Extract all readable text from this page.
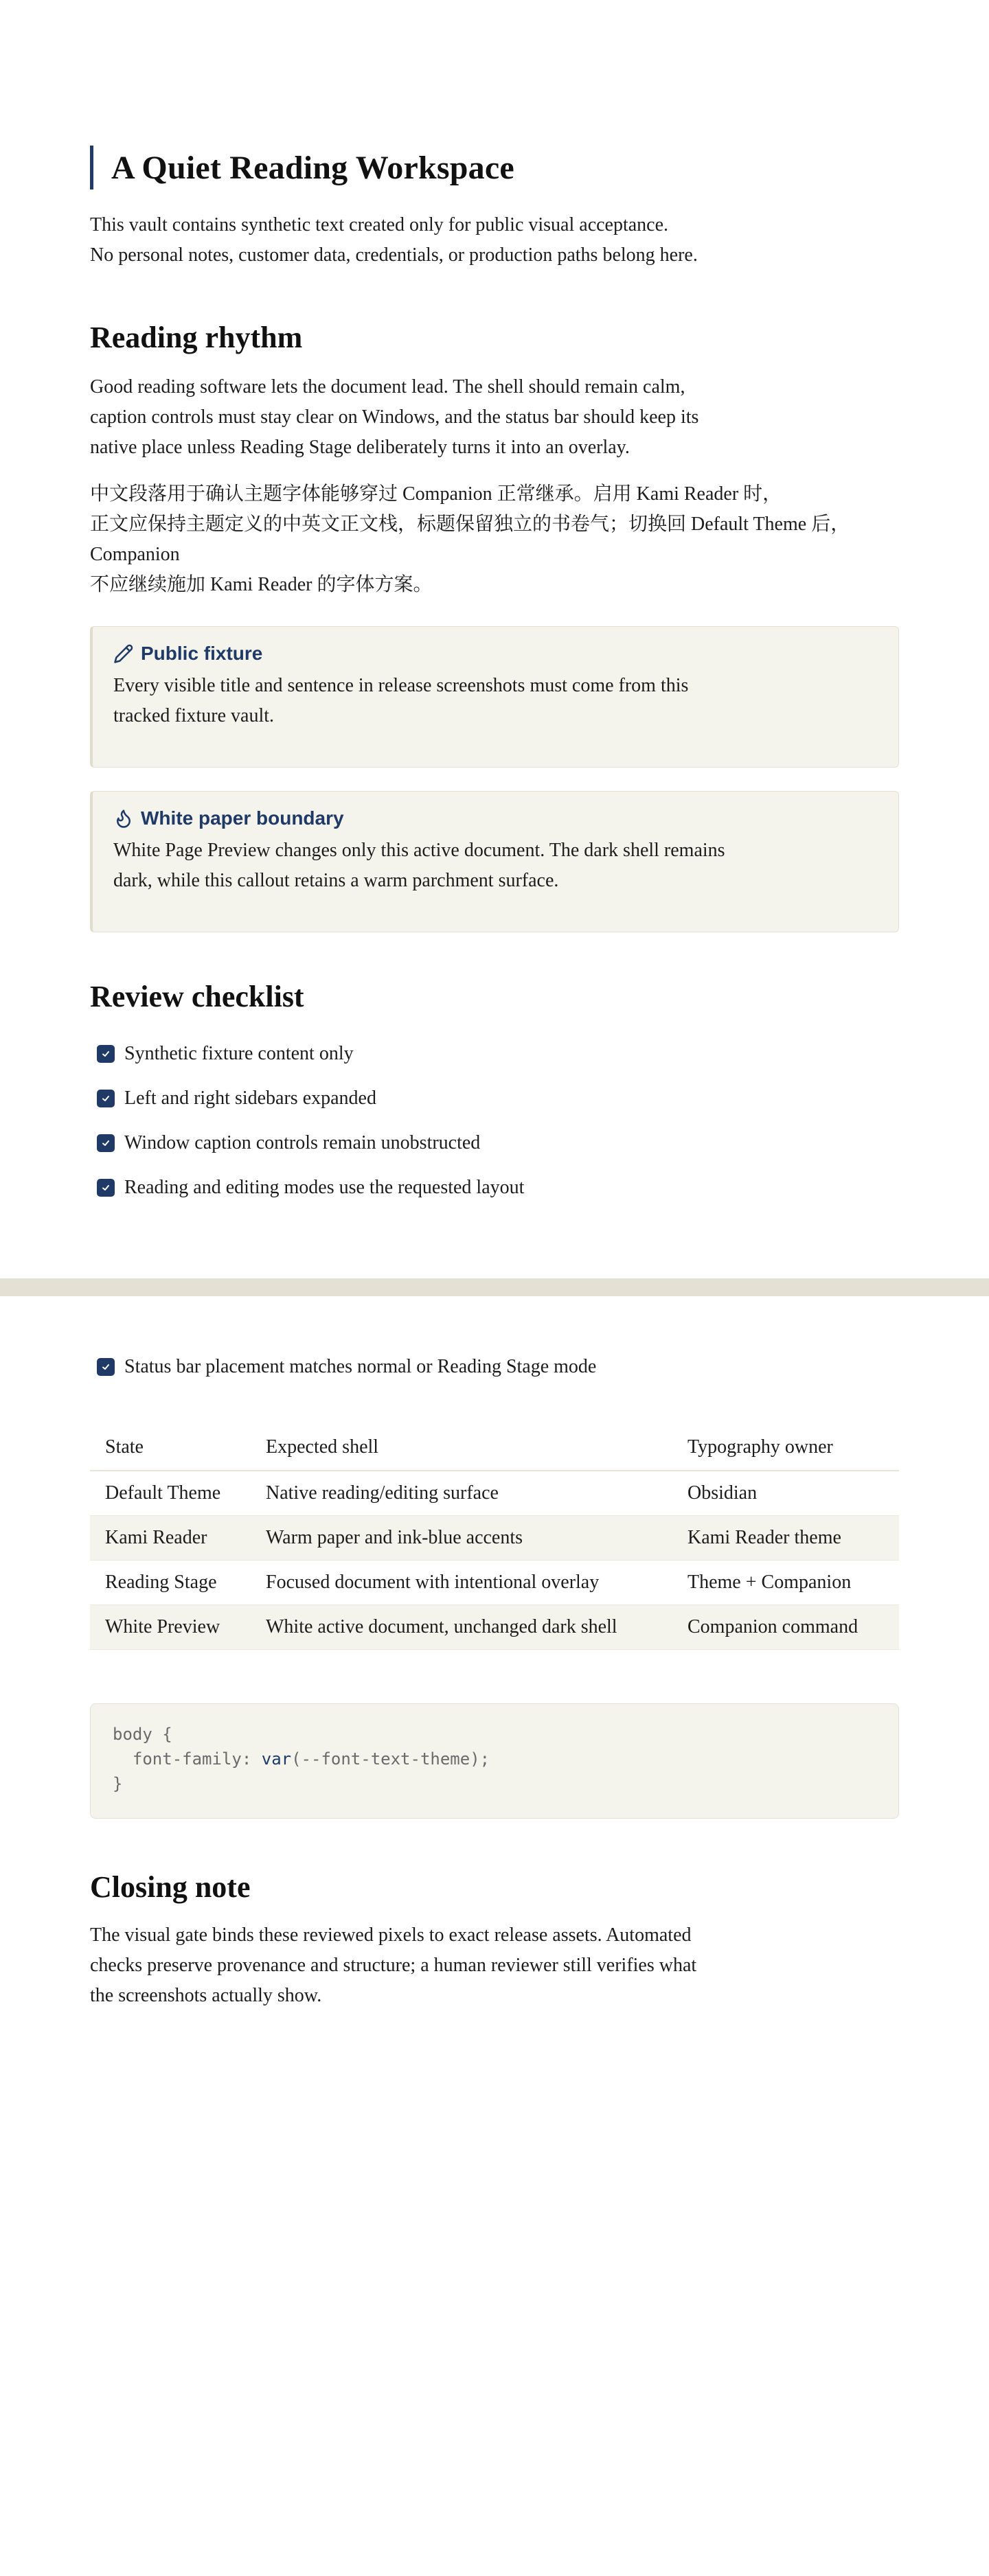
A Quiet Reading Workspace

This vault contains synthetic text created only for public visual acceptance.
No personal notes, customer data, credentials, or production paths belong here.

Reading rhythm

Good reading software lets the document lead. The shell should remain calm,
caption controls must stay clear on Windows, and the status bar should keep its
native place unless Reading Stage deliberately turns it into an overlay.

中文段落用于确认主题字体能够穿过 Companion 正常继承。启用 Kami Reader 时，
正文应保持主题定义的中英文正文栈，标题保留独立的书卷气；切换回 Default Theme 后，
Companion
不应继续施加 Kami Reader 的字体方案。

Public fixture

Every visible title and sentence in release screenshots must come from this
tracked fixture vault.

White paper boundary

White Page Preview changes only this active document. The dark shell remains
dark, while this callout retains a warm parchment surface.

Review checklist
Synthetic fixture content only
Left and right sidebars expanded
Window caption controls remain unobstructed
Reading and editing modes use the requested layout
Status bar placement matches normal or Reading Stage mode
State	Expected shell	Typography owner
Default Theme	Native reading/editing surface	Obsidian
Kami Reader	Warm paper and ink-blue accents	Kami Reader theme
Reading Stage	Focused document with intentional overlay	Theme + Companion
White Preview	White active document, unchanged dark shell	Companion command
body {
font-family: var(--font-text-theme);
}
Closing note

The visual gate binds these reviewed pixels to exact release assets. Automated
checks preserve provenance and structure; a human reviewer still verifies what
the screenshots actually show.
